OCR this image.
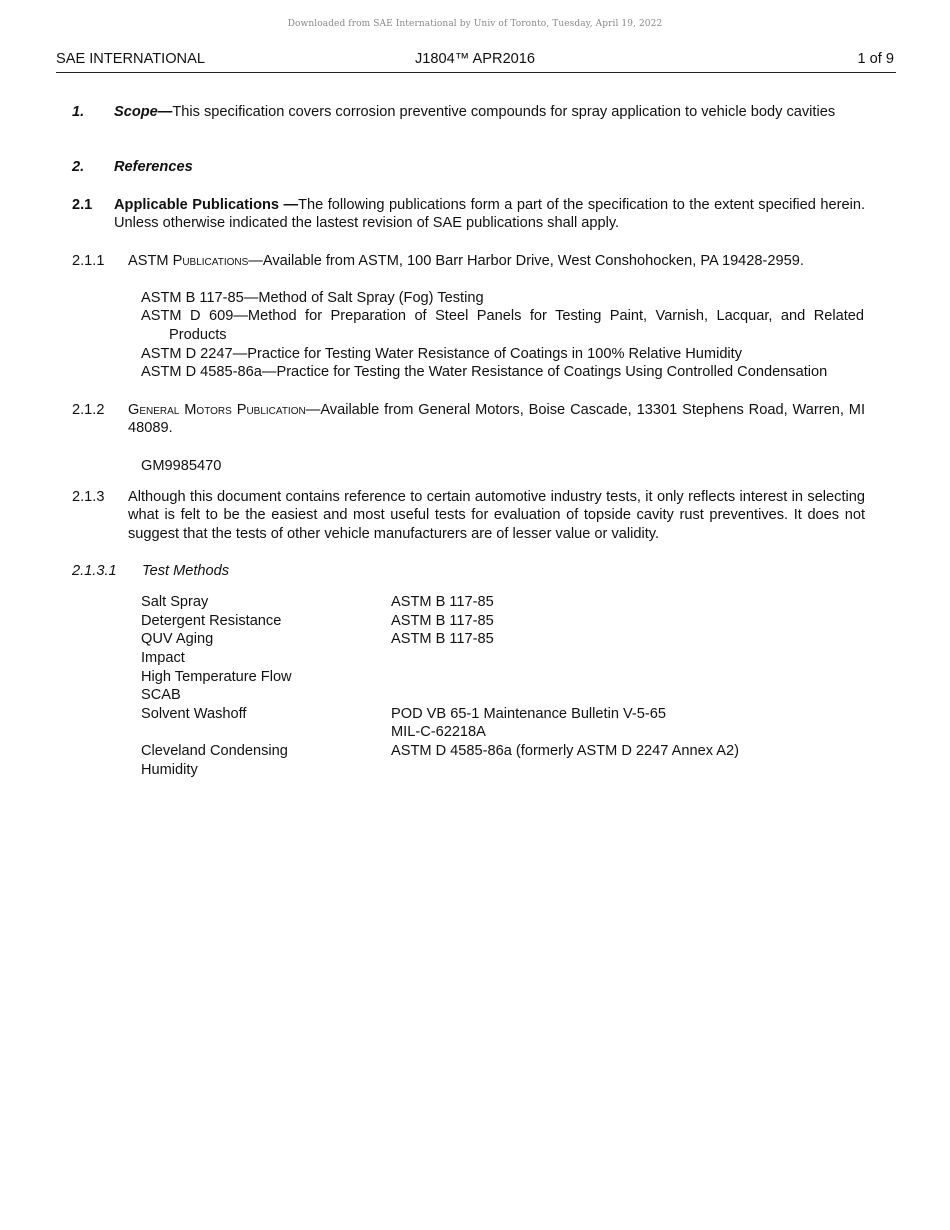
Downloaded from SAE International by Univ of Toronto, Tuesday, April 19, 2022
SAE INTERNATIONAL	J1804™ APR2016	1 of 9
1. Scope—This specification covers corrosion preventive compounds for spray application to vehicle body cavities
2. References
2.1 Applicable Publications —The following publications form a part of the specification to the extent specified herein. Unless otherwise indicated the lastest revision of SAE publications shall apply.
2.1.1 ASTM Publications—Available from ASTM, 100 Barr Harbor Drive, West Conshohocken, PA 19428-2959.
ASTM B 117-85—Method of Salt Spray (Fog) Testing
ASTM D 609—Method for Preparation of Steel Panels for Testing Paint, Varnish, Lacquar, and Related
Products
ASTM D 2247—Practice for Testing Water Resistance of Coatings in 100% Relative Humidity
ASTM D 4585-86a—Practice for Testing the Water Resistance of Coatings Using Controlled Condensation
2.1.2 General Motors Publication—Available from General Motors, Boise Cascade, 13301 Stephens Road, Warren, MI 48089.
GM9985470
2.1.3 Although this document contains reference to certain automotive industry tests, it only reflects interest in selecting what is felt to be the easiest and most useful tests for evaluation of topside cavity rust preventives. It does not suggest that the tests of other vehicle manufacturers are of lesser value or validity.
2.1.3.1 Test Methods
Salt Spray	ASTM B 117-85
Detergent Resistance	ASTM B 117-85
QUV Aging	ASTM B 117-85
Impact
High Temperature Flow
SCAB
Solvent Washoff	POD VB 65-1 Maintenance Bulletin V-5-65
MIL-C-62218A
Cleveland Condensing	ASTM D 4585-86a (formerly ASTM D 2247 Annex A2)
Humidity
